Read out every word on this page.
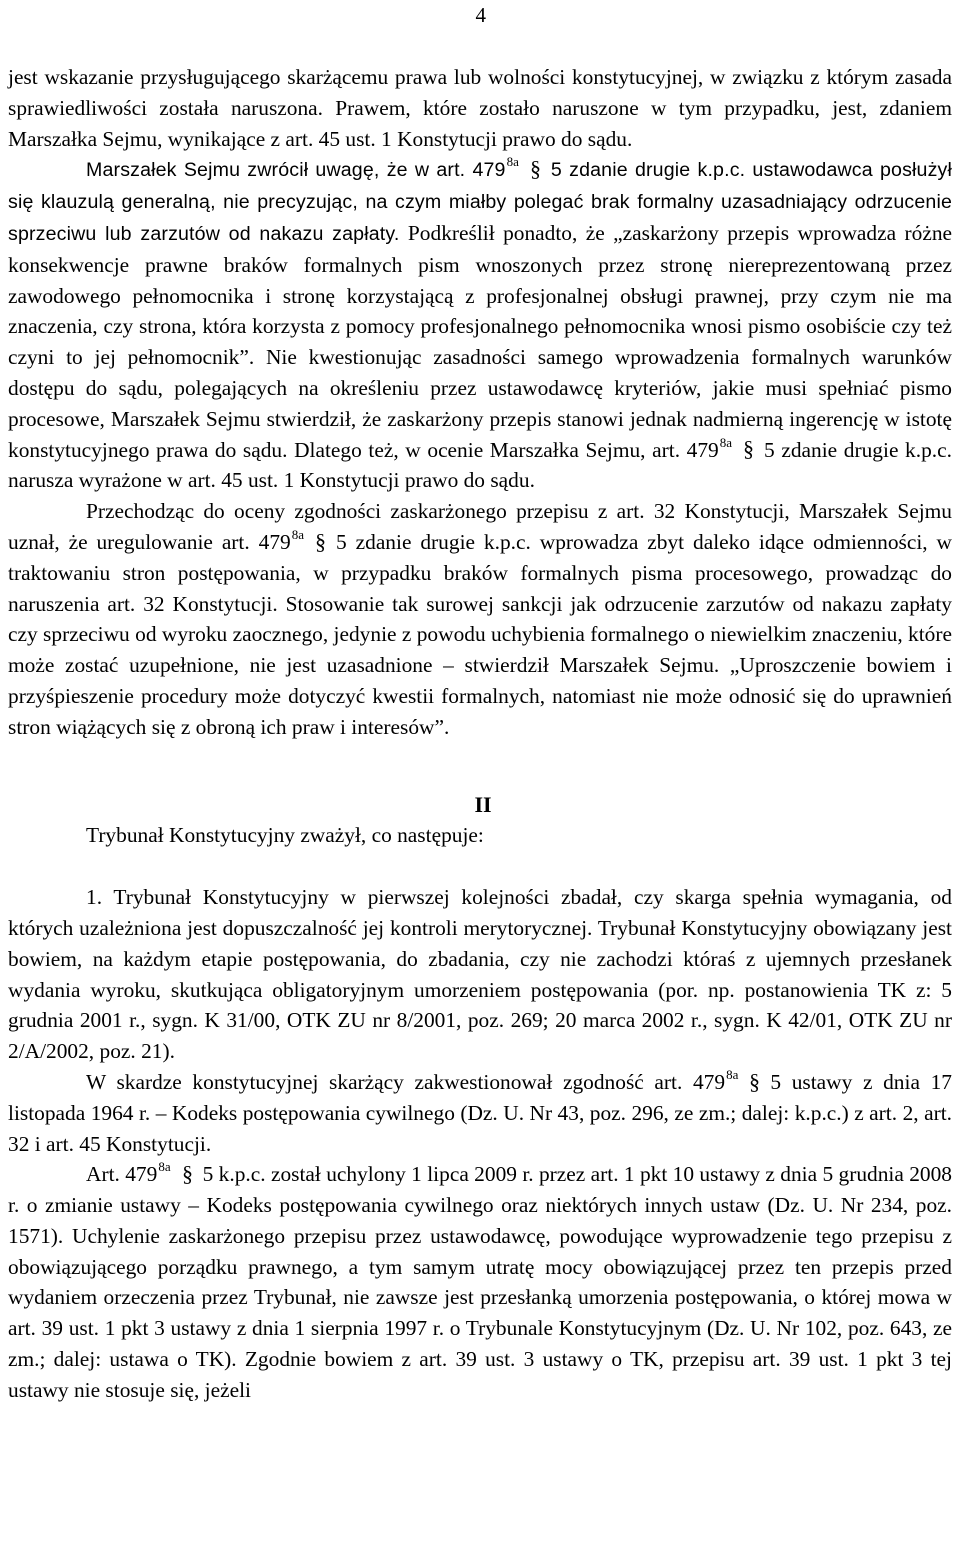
4

jest wskazanie przysługującego skarżącemu prawa lub wolności konstytucyjnej, w związku z którym zasada sprawiedliwości została naruszona. Prawem, które zostało naruszone w tym przypadku, jest, zdaniem Marszałka Sejmu, wynikające z art. 45 ust. 1 Konstytucji prawo do sądu.

Marszałek Sejmu zwrócił uwagę, że w art. $479^{8a}$ § 5 zdanie drugie k.p.c. ustawodawca posłużył się klauzulą generalną, nie precyzując, na czym miałby polegać brak formalny uzasadniający odrzucenie sprzeciwu lub zarzutów od nakazu zapłaty. Podkreślił ponadto, że „zaskarżony przepis wprowadza różne konsekwencje prawne braków formalnych pism wnoszonych przez stronę niereprezentowaną przez zawodowego pełnomocnika i stronę korzystającą z profesjonalnej obsługi prawnej, przy czym nie ma znaczenia, czy strona, która korzysta z pomocy profesjonalnego pełnomocnika wnosi pismo osobiście czy też czyni to jej pełnomocnik”. Nie kwestionując zasadności samego wprowadzenia formalnych warunków dostępu do sądu, polegających na określeniu przez ustawodawcę kryteriów, jakie musi spełniać pismo procesowe, Marszałek Sejmu stwierdził, że zaskarżony przepis stanowi jednak nadmierną ingerencję w istotę konstytucyjnego prawa do sądu. Dlatego też, w ocenie Marszałka Sejmu, art. $479^{8a}$ § 5 zdanie drugie k.p.c. narusza wyrażone w art. 45 ust. 1 Konstytucji prawo do sądu.

Przechodząc do oceny zgodności zaskarżonego przepisu z art. 32 Konstytucji, Marszałek Sejmu uznał, że uregulowanie art. $479^{8a}$ § 5 zdanie drugie k.p.c. wprowadza zbyt daleko idące odmienności, w traktowaniu stron postępowania, w przypadku braków formalnych pisma procesowego, prowadząc do naruszenia art. 32 Konstytucji. Stosowanie tak surowej sankcji jak odrzucenie zarzutów od nakazu zapłaty czy sprzeciwu od wyroku zaocznego, jedynie z powodu uchybienia formalnego o niewielkim znaczeniu, które może zostać uzupełnione, nie jest uzasadnione – stwierdził Marszałek Sejmu. „Uproszczenie bowiem i przyśpieszenie procedury może dotyczyć kwestii formalnych, natomiast nie może odnosić się do uprawnień stron wiążących się z obroną ich praw i interesów”.

II

Trybunał Konstytucyjny zważył, co następuje:

1. Trybunał Konstytucyjny w pierwszej kolejności zbadał, czy skarga spełnia wymagania, od których uzależniona jest dopuszczalność jej kontroli merytorycznej. Trybunał Konstytucyjny obowiązany jest bowiem, na każdym etapie postępowania, do zbadania, czy nie zachodzi któraś z ujemnych przesłanek wydania wyroku, skutkująca obligatoryjnym umorzeniem postępowania (por. np. postanowienia TK z: 5 grudnia 2001 r., sygn. K 31/00, OTK ZU nr 8/2001, poz. 269; 20 marca 2002 r., sygn. K 42/01, OTK ZU nr 2/A/2002, poz. 21).

W skardze konstytucyjnej skarżący zakwestionował zgodność art. $479^{8a}$ § 5 ustawy z dnia 17 listopada 1964 r. – Kodeks postępowania cywilnego (Dz. U. Nr 43, poz. 296, ze zm.; dalej: k.p.c.) z art. 2, art. 32 i art. 45 Konstytucji.

Art. $479^{8a}$ § 5 k.p.c. został uchylony 1 lipca 2009 r. przez art. 1 pkt 10 ustawy z dnia 5 grudnia 2008 r. o zmianie ustawy – Kodeks postępowania cywilnego oraz niektórych innych ustaw (Dz. U. Nr 234, poz. 1571). Uchylenie zaskarżonego przepisu przez ustawodawcę, powodujące wyprowadzenie tego przepisu z obowiązującego porządku prawnego, a tym samym utratę mocy obowiązującej przez ten przepis przed wydaniem orzeczenia przez Trybunał, nie zawsze jest przesłanką umorzenia postępowania, o której mowa w art. 39 ust. 1 pkt 3 ustawy z dnia 1 sierpnia 1997 r. o Trybunale Konstytucyjnym (Dz. U. Nr 102, poz. 643, ze zm.; dalej: ustawa o TK). Zgodnie bowiem z art. 39 ust. 3 ustawy o TK, przepisu art. 39 ust. 1 pkt 3 tej ustawy nie stosuje się, jeżeli
